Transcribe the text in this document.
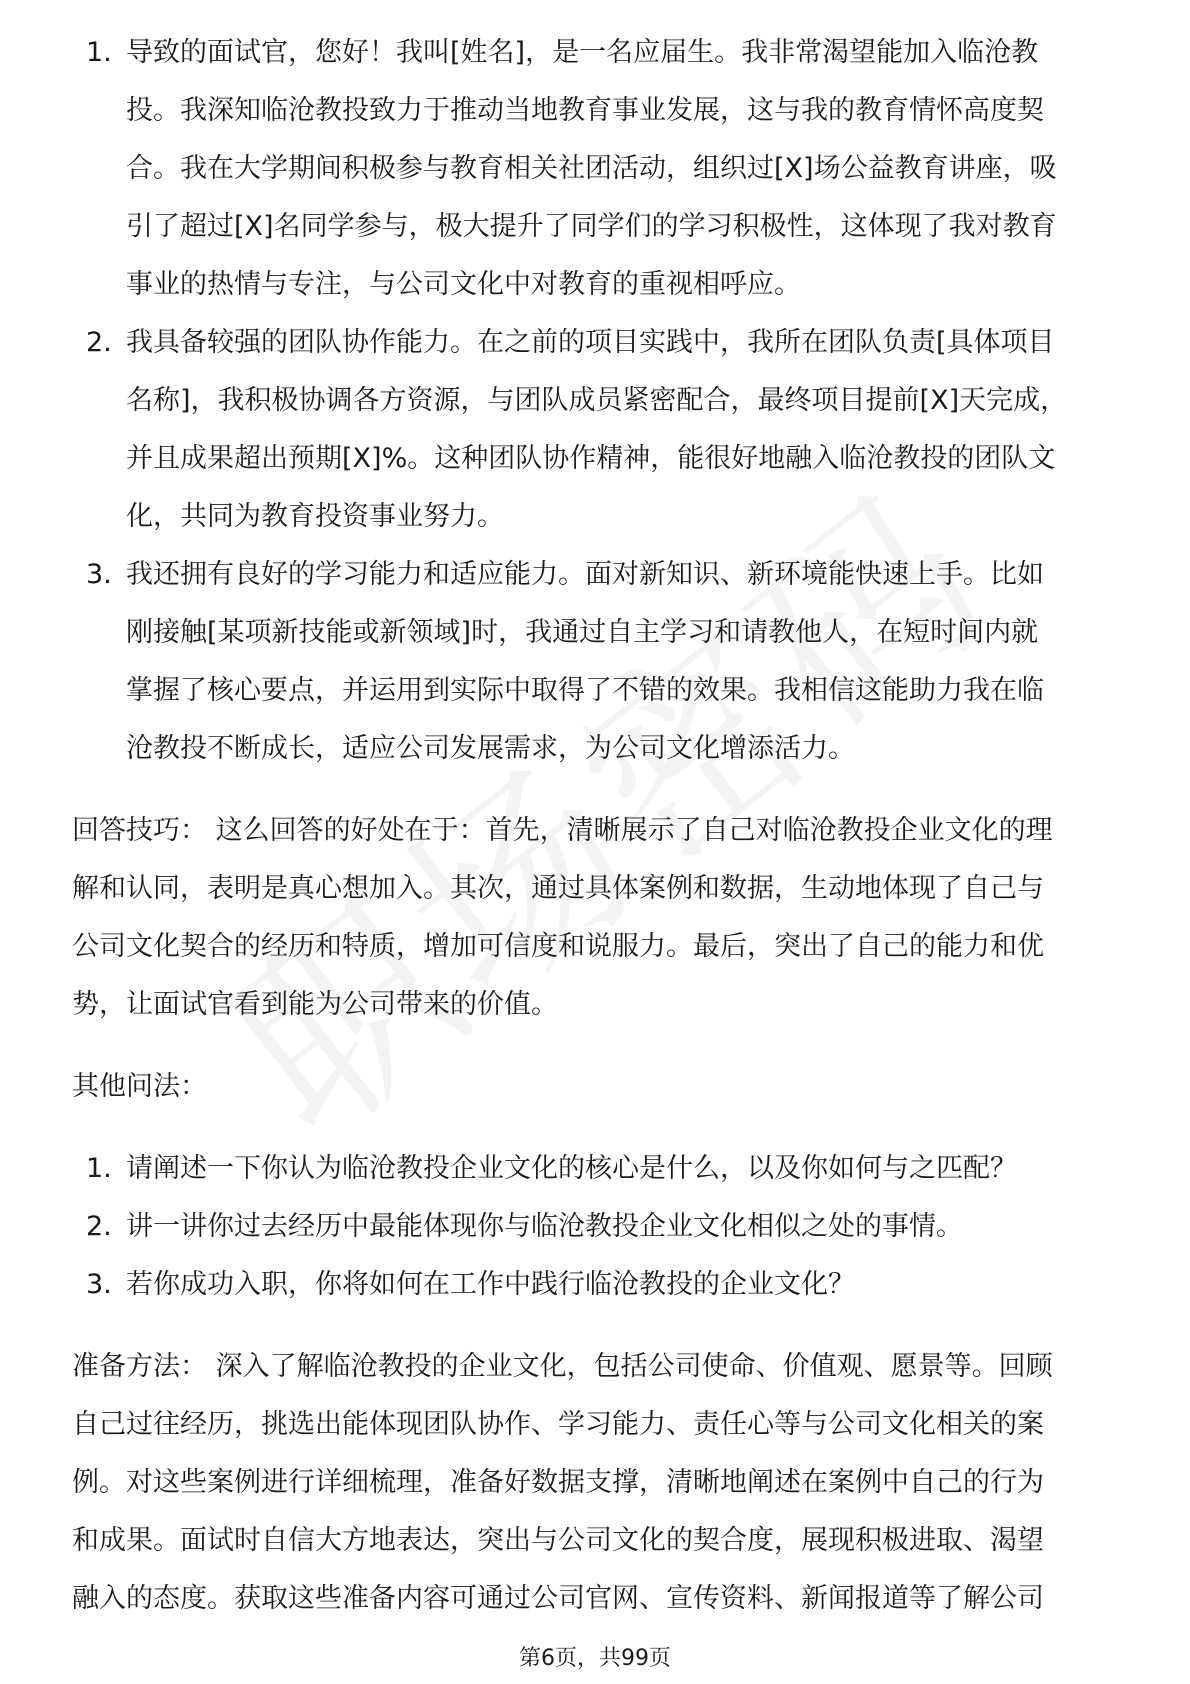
1. 导致的面试官，您好！我叫[姓名]，是一名应届生。我非常渴望能加入临沧教
投。我深知临沧教投致力于推动当地教育事业发展，这与我的教育情怀高度契
合。我在大学期间积极参与教育相关社团活动，组织过[X]场公益教育讲座，吸
引了超过[X]名同学参与，极大提升了同学们的学习积极性，这体现了我对教育
事业的热情与专注，与公司文化中对教育的重视相呼应。
2. 我具备较强的团队协作能力。在之前的项目实践中，我所在团队负责[具体项目
名称]，我积极协调各方资源，与团队成员紧密配合，最终项目提前[X]天完成，
并且成果超出预期[X]%。这种团队协作精神，能很好地融入临沧教投的团队文
化，共同为教育投资事业努力。
3. 我还拥有良好的学习能力和适应能力。面对新知识、新环境能快速上手。比如
刚接触[某项新技能或新领域]时，我通过自主学习和请教他人，在短时间内就
掌握了核心要点，并运用到实际中取得了不错的效果。我相信这能助力我在临
沧教投不断成长，适应公司发展需求，为公司文化增添活力。
回答技巧： 这么回答的好处在于：首先，清晰展示了自己对临沧教投企业文化的理
解和认同，表明是真心想加入。其次，通过具体案例和数据，生动地体现了自己与
公司文化契合的经历和特质，增加可信度和说服力。最后，突出了自己的能力和优
势，让面试官看到能为公司带来的价值。
其他问法：
1. 请阐述一下你认为临沧教投企业文化的核心是什么，以及你如何与之匹配？
2. 讲一讲你过去经历中最能体现你与临沧教投企业文化相似之处的事情。
3. 若你成功入职，你将如何在工作中践行临沧教投的企业文化？
准备方法： 深入了解临沧教投的企业文化，包括公司使命、价值观、愿景等。回顾
自己过往经历，挑选出能体现团队协作、学习能力、责任心等与公司文化相关的案
例。对这些案例进行详细梳理，准备好数据支撑，清晰地阐述在案例中自己的行为
和成果。面试时自信大方地表达，突出与公司文化的契合度，展现积极进取、渴望
融入的态度。获取这些准备内容可通过公司官网、宣传资料、新闻报道等了解公司
第6页，共99页
